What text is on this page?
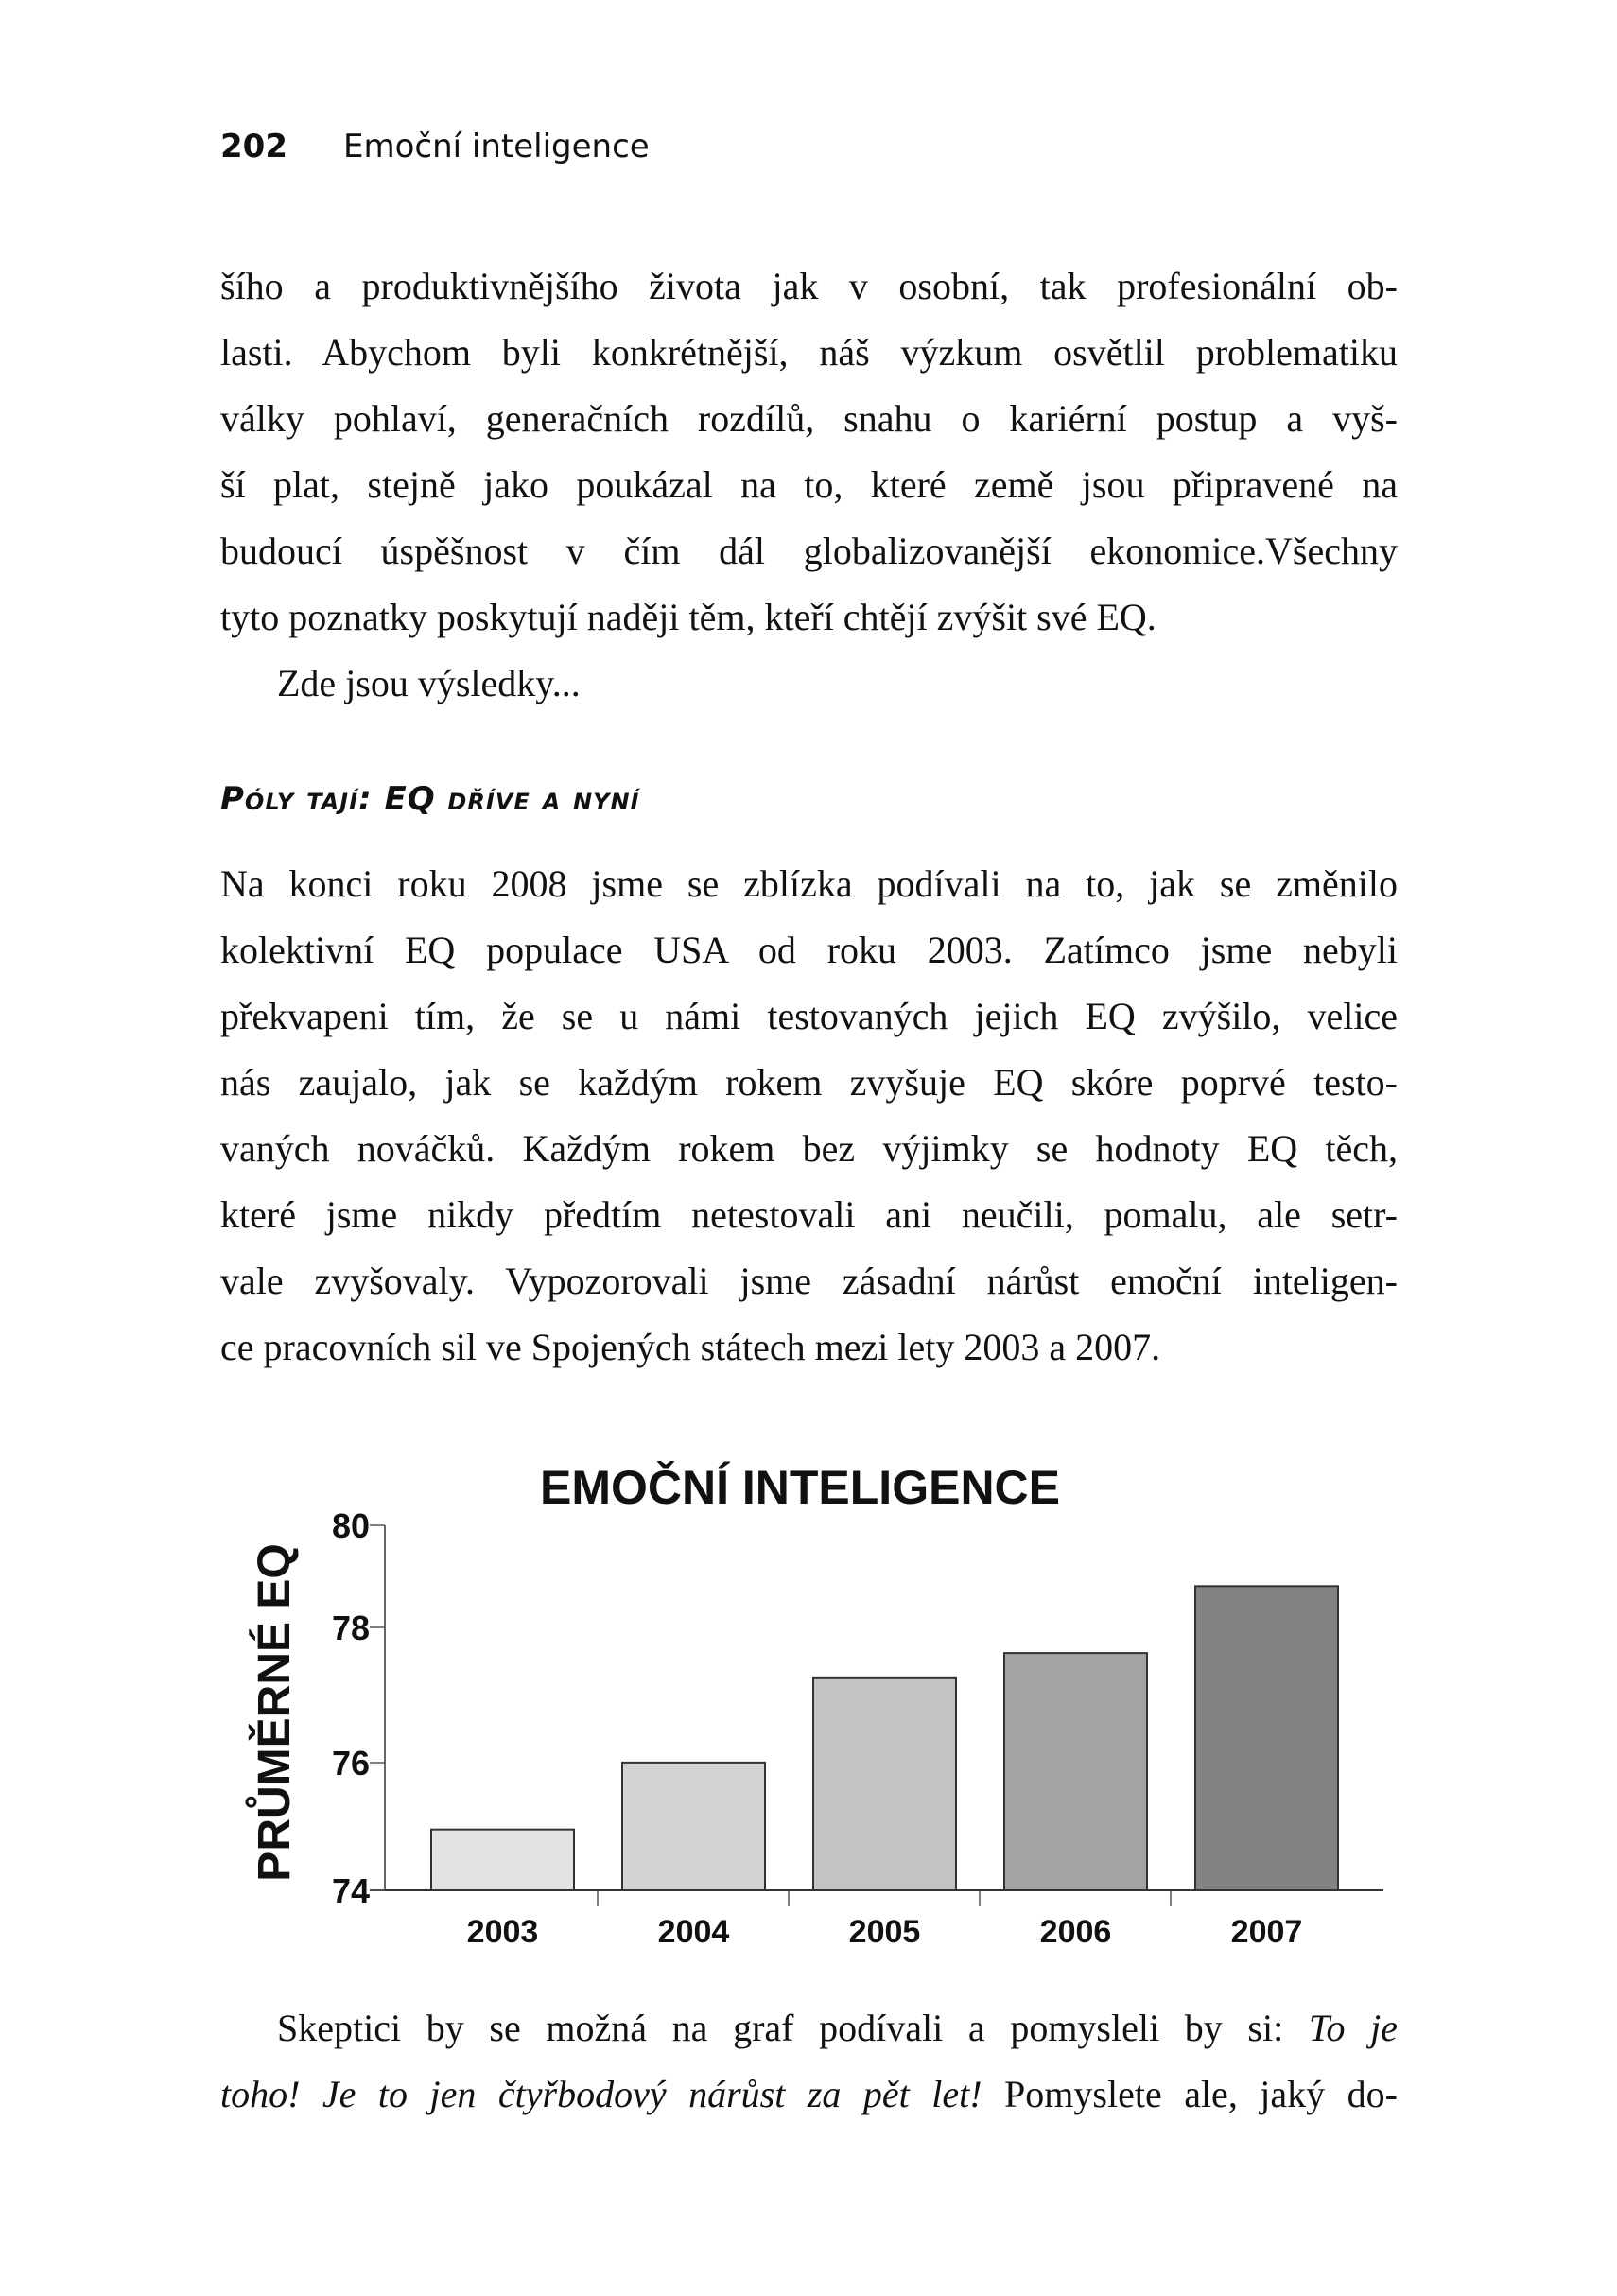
202 Emoční inteligence
šího a produktivnějšího života jak v osobní, tak profesionální ob-
lasti. Abychom byli konkrétnější, náš výzkum osvětlil problematiku
války pohlaví, generačních rozdílů, snahu o kariérní postup a vyš-
ší plat, stejně jako poukázal na to, které země jsou připravené na
budoucí úspěšnost v čím dál globalizovanější ekonomice.Všechny
tyto poznatky poskytují naději těm, kteří chtějí zvýšit své EQ.
Zde jsou výsledky...
Póly tají: EQ dříve a nyní
Na konci roku 2008 jsme se zblízka podívali na to, jak se změnilo
kolektivní EQ populace USA od roku 2003. Zatímco jsme nebyli
překvapeni tím, že se u námi testovaných jejich EQ zvýšilo, velice
nás zaujalo, jak se každým rokem zvyšuje EQ skóre poprvé testo-
vaných nováčků. Každým rokem bez výjimky se hodnoty EQ těch,
které jsme nikdy předtím netestovali ani neučili, pomalu, ale setr-
vale zvyšovaly. Vypozorovali jsme zásadní nárůst emoční inteligen-
ce pracovních sil ve Spojených státech mezi lety 2003 a 2007.
EMOČNÍ INTELIGENCE
PRŮMĚRNÉ EQ
2003	2004	2005	2006	2007
74
76
78
80
Skeptici by se možná na graf podívali a pomysleli by si: To je
toho! Je to jen čtyřbodový nárůst za pět let! Pomyslete ale, jaký do-
